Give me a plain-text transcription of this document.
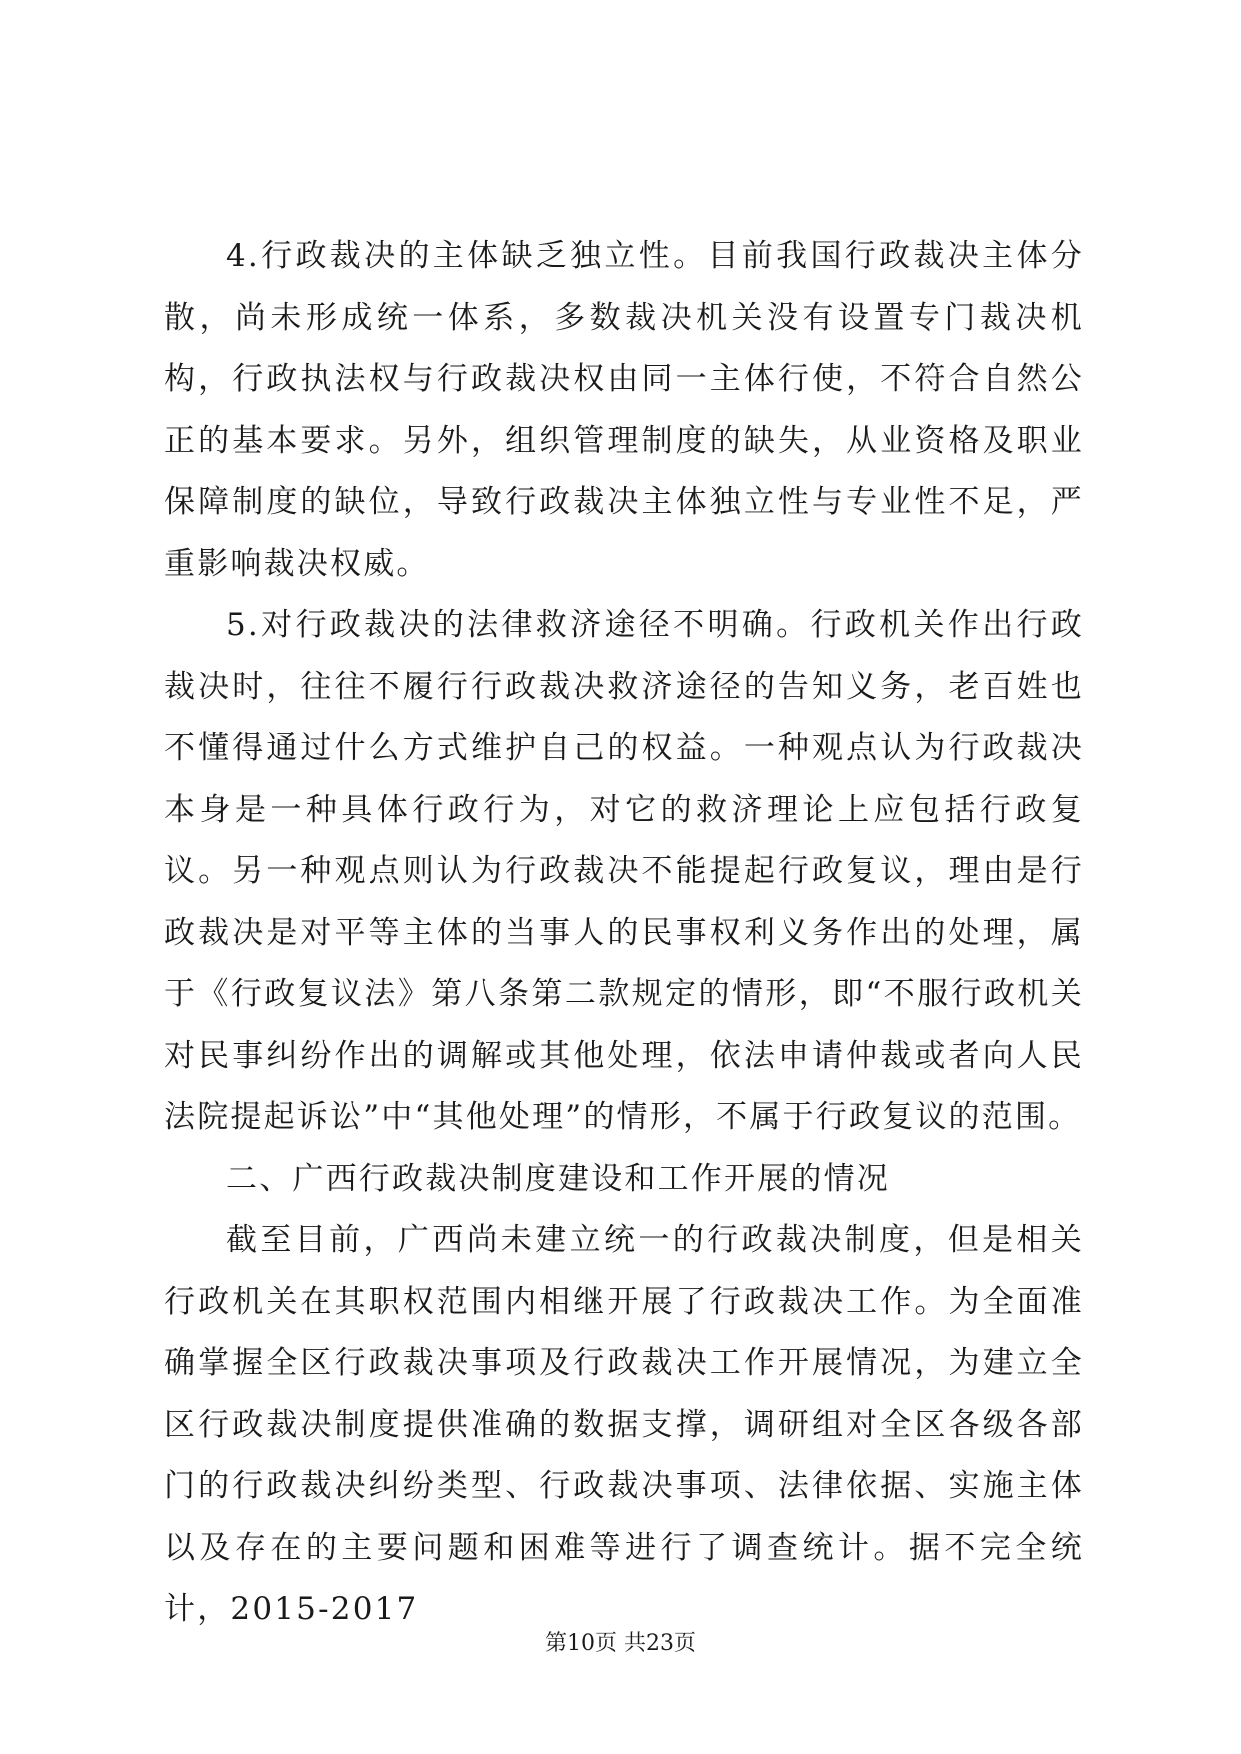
4.行政裁决的主体缺乏独立性。目前我国行政裁决主体分散，尚未形成统一体系，多数裁决机关没有设置专门裁决机构，行政执法权与行政裁决权由同一主体行使，不符合自然公正的基本要求。另外，组织管理制度的缺失，从业资格及职业保障制度的缺位，导致行政裁决主体独立性与专业性不足，严重影响裁决权威。

5.对行政裁决的法律救济途径不明确。行政机关作出行政裁决时，往往不履行行政裁决救济途径的告知义务，老百姓也不懂得通过什么方式维护自己的权益。一种观点认为行政裁决本身是一种具体行政行为，对它的救济理论上应包括行政复议。另一种观点则认为行政裁决不能提起行政复议，理由是行政裁决是对平等主体的当事人的民事权利义务作出的处理，属于《行政复议法》第八条第二款规定的情形，即“不服行政机关对民事纠纷作出的调解或其他处理，依法申请仲裁或者向人民法院提起诉讼”中“其他处理”的情形，不属于行政复议的范围。

二、广西行政裁决制度建设和工作开展的情况

截至目前，广西尚未建立统一的行政裁决制度，但是相关行政机关在其职权范围内相继开展了行政裁决工作。为全面准确掌握全区行政裁决事项及行政裁决工作开展情况，为建立全区行政裁决制度提供准确的数据支撑，调研组对全区各级各部门的行政裁决纠纷类型、行政裁决事项、法律依据、实施主体以及存在的主要问题和困难等进行了调查统计。据不完全统计，2015-2017

第10页 共23页
